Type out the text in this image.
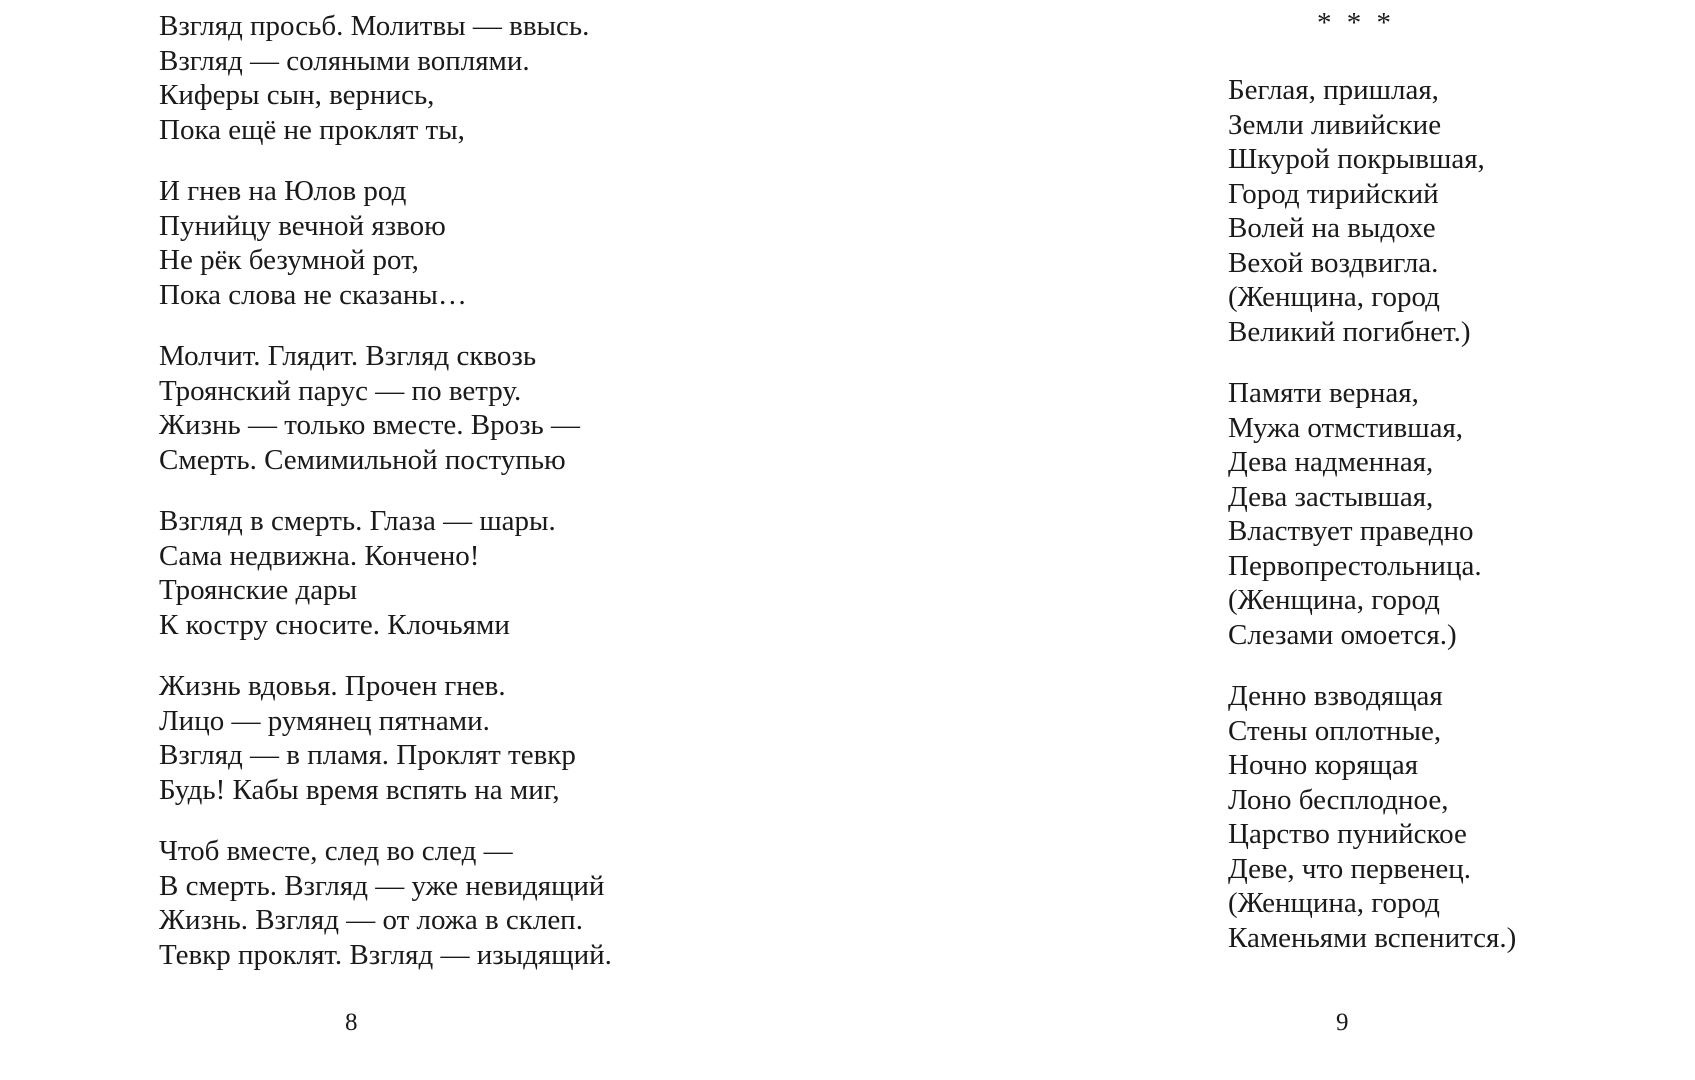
Взгляд просьб. Молитвы — ввысь.
Взгляд — соляными воплями.
Киферы сын, вернись,
Пока ещё не проклят ты,
И гнев на Юлов род
Пунийцу вечной язвою
Не рёк безумной рот,
Пока слова не сказаны…
Молчит. Глядит. Взгляд сквозь
Троянский парус — по ветру.
Жизнь — только вместе. Врозь —
Смерть. Семимильной поступью
Взгляд в смерть. Глаза — шары.
Сама недвижна. Кончено!
Троянские дары
К костру сносите. Клочьями
Жизнь вдовья. Прочен гнев.
Лицо — румянец пятнами.
Взгляд — в пламя. Проклят тевкр
Будь! Кабы время вспять на миг,
Чтоб вместе, след во след —
В смерть. Взгляд — уже невидящий
Жизнь. Взгляд — от ложа в склеп.
Тевкр проклят. Взгляд — изыдящий.
8
* * *
Беглая, пришлая,
Земли ливийские
Шкурой покрывшая,
Город тирийский
Волей на выдохе
Вехой воздвигла.
(Женщина, город
Великий погибнет.)
Памяти верная,
Мужа отмстившая,
Дева надменная,
Дева застывшая,
Властвует праведно
Первопрестольница.
(Женщина, город
Слезами омоется.)
Денно взводящая
Стены оплотные,
Ночно корящая
Лоно бесплодное,
Царство пунийское
Деве, что первенец.
(Женщина, город
Каменьями вспенится.)
9
